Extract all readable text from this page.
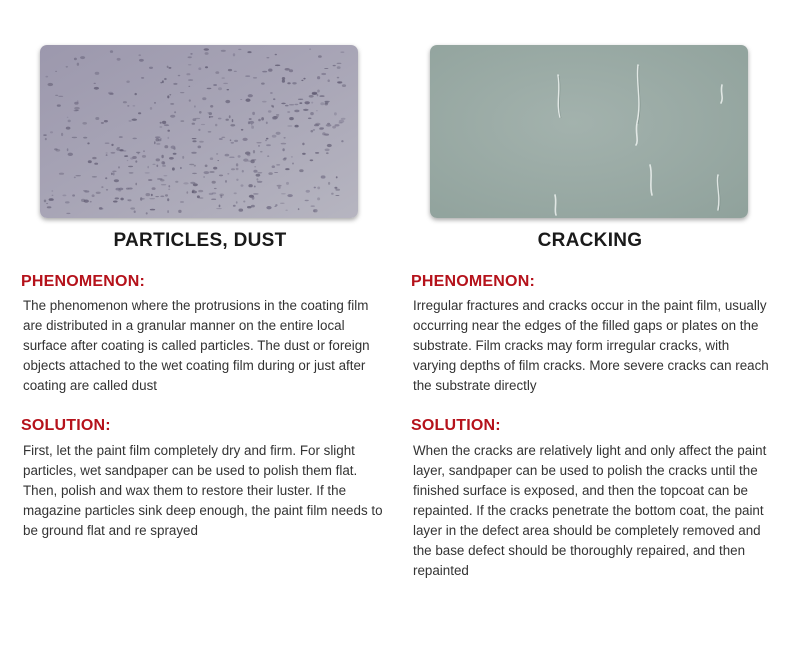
PARTICLES, DUST
PHENOMENON:
The phenomenon where the protrusions in the coating film are distributed in a granular manner on the entire local surface after coating is called particles. The dust or foreign objects attached to the wet coating film during or just after coating are called dust
SOLUTION:
First, let the paint film completely dry and firm. For slight particles, wet sandpaper can be used to polish them flat. Then, polish and wax them to restore their luster. If the magazine particles sink deep enough, the paint film needs to be ground flat and re sprayed
CRACKING
PHENOMENON:
Irregular fractures and cracks occur in the paint film, usually occurring near the edges of the filled gaps or plates on the substrate. Film cracks may form irregular cracks, with varying depths of film cracks. More severe cracks can reach the substrate directly
SOLUTION:
When the cracks are relatively light and only affect the paint layer, sandpaper can be used to polish the cracks until the finished surface is exposed, and then the topcoat can be repainted. If the cracks penetrate the bottom coat, the paint layer in the defect area should be completely removed and the base defect should be thoroughly repaired, and then repainted
